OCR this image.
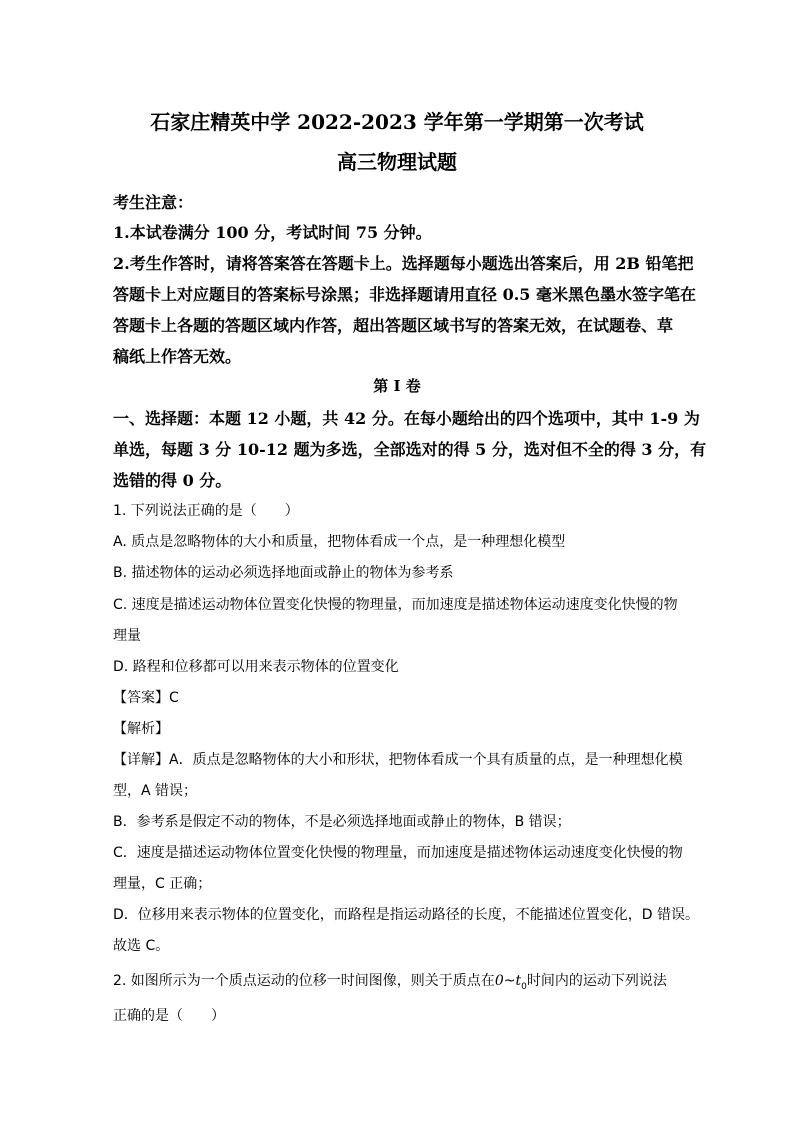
石家庄精英中学 2022-2023 学年第一学期第一次考试
高三物理试题
考生注意：
1.本试卷满分 100 分，考试时间 75 分钟。
2.考生作答时，请将答案答在答题卡上。选择题每小题选出答案后，用 2B 铅笔把
答题卡上对应题目的答案标号涂黑；非选择题请用直径 0.5 毫米黑色墨水签字笔在
答题卡上各题的答题区域内作答，超出答题区域书写的答案无效，在试题卷、草
稿纸上作答无效。
第 I 卷
一、选择题：本题 12 小题，共 42 分。在每小题给出的四个选项中，其中 1-9 为
单选，每题 3 分 10-12 题为多选，全部选对的得 5 分，选对但不全的得 3 分，有
选错的得 0 分。
1. 下列说法正确的是（　　）
A. 质点是忽略物体的大小和质量，把物体看成一个点，是一种理想化模型
B. 描述物体的运动必须选择地面或静止的物体为参考系
C. 速度是描述运动物体位置变化快慢的物理量，而加速度是描述物体运动速度变化快慢的物
理量
D. 路程和位移都可以用来表示物体的位置变化
【答案】C
【解析】
【详解】A．质点是忽略物体的大小和形状，把物体看成一个具有质量的点，是一种理想化模
型，A 错误；
B．参考系是假定不动的物体，不是必须选择地面或静止的物体，B 错误；
C．速度是描述运动物体位置变化快慢的物理量，而加速度是描述物体运动速度变化快慢的物
理量，C 正确；
D．位移用来表示物体的位置变化，而路程是指运动路径的长度，不能描述位置变化，D 错误。
故选 C。
2. 如图所示为一个质点运动的位移一时间图像，则关于质点在$0\sim t_0$时间内的运动下列说法
正确的是（　　）
